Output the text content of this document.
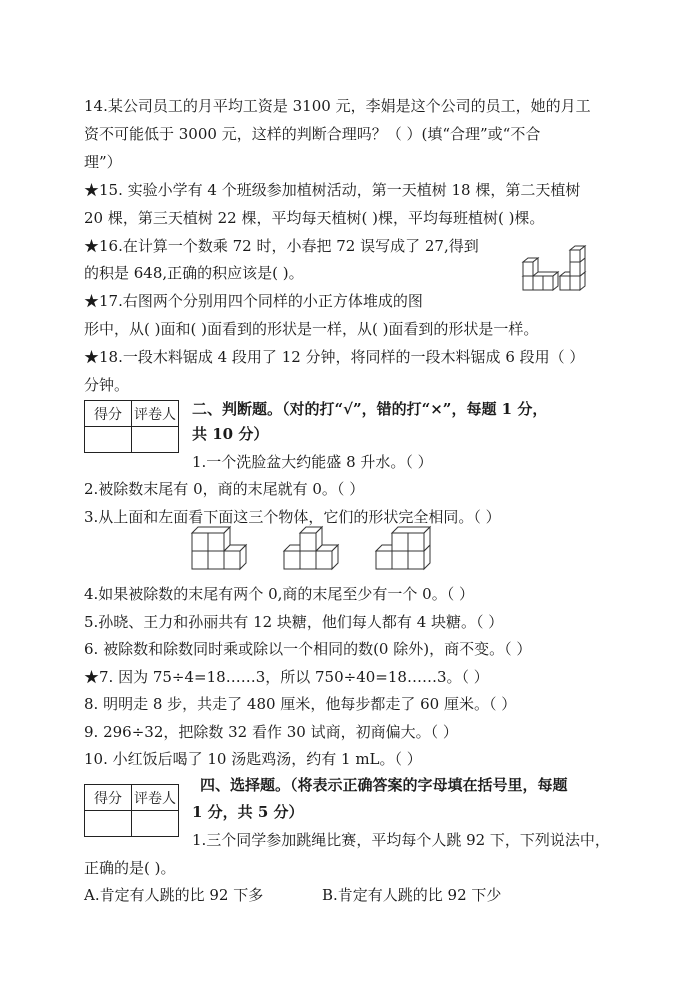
14.某公司员工的月平均工资是 3100 元，李娟是这个公司的员工，她的月工
资不可能低于 3000 元，这样的判断合理吗？（ ）(填“合理”或“不合
理”）
★15. 实验小学有 4 个班级参加植树活动，第一天植树 18 棵，第二天植树
20 棵，第三天植树 22 棵，平均每天植树( )棵，平均每班植树( )棵。
★16.在计算一个数乘 72 时，小春把 72 误写成了 27,得到
的积是 648,正确的积应该是( )。
★17.右图两个分别用四个同样的小正方体堆成的图
形中，从( )面和( )面看到的形状是一样，从( )面看到的形状是一样。
★18.一段木料锯成 4 段用了 12 分钟，将同样的一段木料锯成 6 段用（ ）
分钟。
得分	评卷人
	二、判断题。（对的打“√”，错的打“×”，每题 1 分，
共 10 分）
1.一个洗脸盆大约能盛 8 升水。（ ）
2.被除数末尾有 0，商的末尾就有 0。（ ）
3.从上面和左面看下面这三个物体，它们的形状完全相同。（ ）
4.如果被除数的末尾有两个 0,商的末尾至少有一个 0。（ ）
5.孙晓、王力和孙丽共有 12 块糖，他们每人都有 4 块糖。（ ）
6. 被除数和除数同时乘或除以一个相同的数(0 除外)，商不变。（ ）
★7. 因为 75÷4=18……3，所以 750÷40=18……3。（ ）
8. 明明走 8 步，共走了 480 厘米，他每步都走了 60 厘米。（ ）
9. 296÷32，把除数 32 看作 30 试商，初商偏大。（ ）
10. 小红饭后喝了 10 汤匙鸡汤，约有 1 mL。（ ）
得分	评卷人

四、选择题。（将表示正确答案的字母填在括号里，每题
1 分，共 5 分）
1.三个同学参加跳绳比赛，平均每个人跳 92 下，下列说法中，
正确的是( )。
A.肯定有人跳的比 92 下多	B.肯定有人跳的比 92 下少
